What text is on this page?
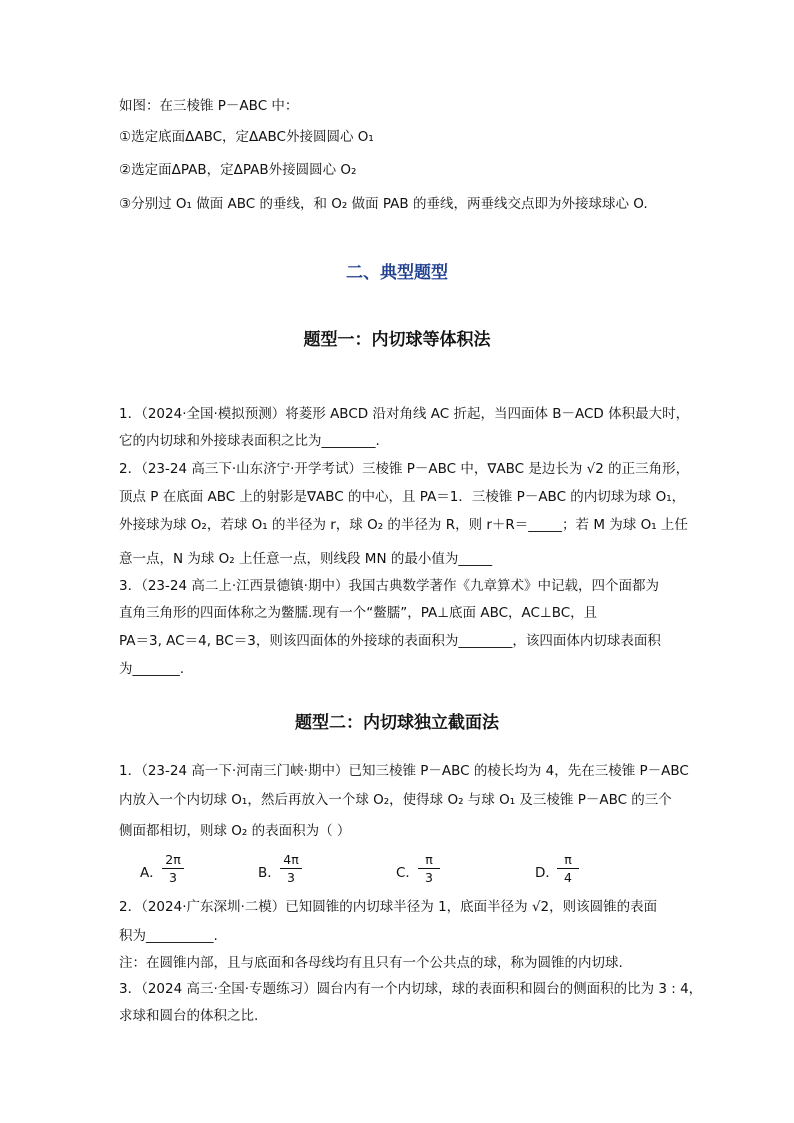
如图：在三棱锥 P－ABC 中：
①选定底面ΔABC，定ΔABC外接圆圆心 O₁
②选定面ΔPAB，定ΔPAB外接圆圆心 O₂
③分别过 O₁ 做面 ABC 的垂线，和 O₂ 做面 PAB 的垂线，两垂线交点即为外接球球心 O.
二、典型题型
题型一：内切球等体积法
1．（2024·全国·模拟预测）将菱形 ABCD 沿对角线 AC 折起，当四面体 B－ACD 体积最大时，
它的内切球和外接球表面积之比为________.
2．（23-24 高三下·山东济宁·开学考试）三棱锥 P－ABC 中，∇ABC 是边长为 √2 的正三角形，
顶点 P 在底面 ABC 上的射影是∇ABC 的中心，且 PA＝1．三棱锥 P－ABC 的内切球为球 O₁，
外接球为球 O₂，若球 O₁ 的半径为 r，球 O₂ 的半径为 R，则 r＋R＝_____；若 M 为球 O₁ 上任
意一点，N 为球 O₂ 上任意一点，则线段 MN 的最小值为_____
3．（23-24 高二上·江西景德镇·期中）我国古典数学著作《九章算术》中记载，四个面都为
直角三角形的四面体称之为鳖臑.现有一个“鳖臑”，PA⊥底面 ABC，AC⊥BC，且
PA＝3, AC＝4, BC＝3，则该四面体的外接球的表面积为________，该四面体内切球表面积
为_______.
题型二：内切球独立截面法
1．（23-24 高一下·河南三门峡·期中）已知三棱锥 P－ABC 的棱长均为 4，先在三棱锥 P－ABC
内放入一个内切球 O₁，然后再放入一个球 O₂，使得球 O₂ 与球 O₁ 及三棱锥 P－ABC 的三个
侧面都相切，则球 O₂ 的表面积为（ ）
A．
2π
3	B．
4π
3	C．
π
3	D．
π
4
2．（2024·广东深圳·二模）已知圆锥的内切球半径为 1，底面半径为 √2，则该圆锥的表面
积为__________.
注：在圆锥内部，且与底面和各母线均有且只有一个公共点的球，称为圆锥的内切球.
3．（2024 高三·全国·专题练习）圆台内有一个内切球，球的表面积和圆台的侧面积的比为 3 : 4，
求球和圆台的体积之比.
